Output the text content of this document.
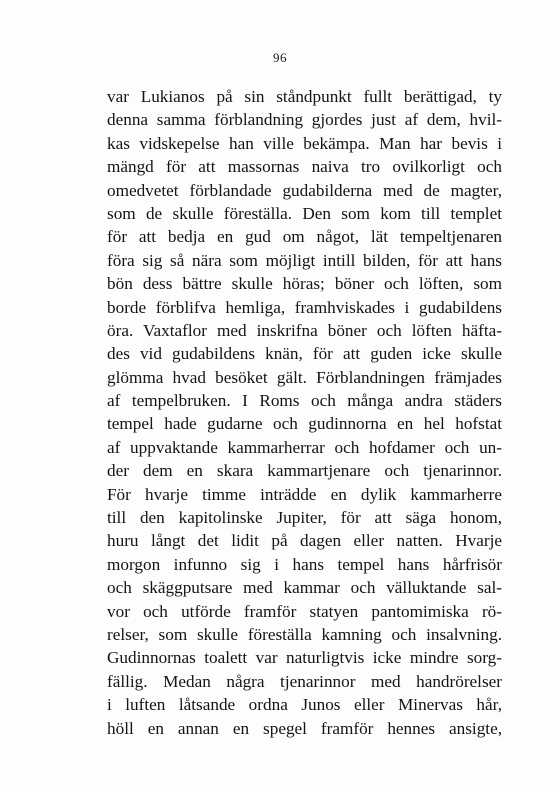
96
var Lukianos på sin ståndpunkt fullt berättigad, ty
denna samma förblandning gjordes just af dem, hvil-
kas vidskepelse han ville bekämpa. Man har bevis i
mängd för att massornas naiva tro ovilkorligt och
omedvetet förblandade gudabilderna med de magter,
som de skulle föreställa. Den som kom till templet
för att bedja en gud om något, lät tempeltjenaren
föra sig så nära som möjligt intill bilden, för att hans
bön dess bättre skulle höras; böner och löften, som
borde förblifva hemliga, framhviskades i gudabildens
öra. Vaxtaflor med inskrifna böner och löften häfta-
des vid gudabildens knän, för att guden icke skulle
glömma hvad besöket gält. Förblandningen främjades
af tempelbruken. I Roms och många andra städers
tempel hade gudarne och gudinnorna en hel hofstat
af uppvaktande kammarherrar och hofdamer och un-
der dem en skara kammartjenare och tjenarinnor.
För hvarje timme inträdde en dylik kammarherre
till den kapitolinske Jupiter, för att säga honom,
huru långt det lidit på dagen eller natten. Hvarje
morgon infunno sig i hans tempel hans hårfrisör
och skäggputsare med kammar och välluktande sal-
vor och utförde framför statyen pantomimiska rö-
relser, som skulle föreställa kamning och insalvning.
Gudinnornas toalett var naturligtvis icke mindre sorg-
fällig. Medan några tjenarinnor med handrörelser
i luften låtsande ordna Junos eller Minervas hår,
höll en annan en spegel framför hennes ansigte,
